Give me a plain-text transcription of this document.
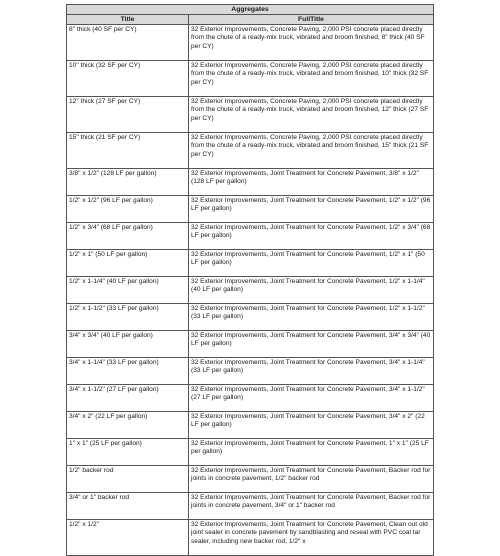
Aggregates	
Title	FullTitle
8" thick (40 SF per CY)	32 Exterior Improvements, Concrete Paving, 2,000 PSI concrete placed directly from the chute of a ready-mix truck, vibrated and broom finished, 8" thick (40 SF per CY)
10" thick (32 SF per CY)	32 Exterior Improvements, Concrete Paving, 2,000 PSI concrete placed directly from the chute of a ready-mix truck, vibrated and broom finished, 10" thick (32 SF per CY)
12" thick (27 SF per CY)	32 Exterior Improvements, Concrete Paving, 2,000 PSI concrete placed directly from the chute of a ready-mix truck, vibrated and broom finished, 12" thick (27 SF per CY)
15" thick (21 SF per CY)	32 Exterior Improvements, Concrete Paving, 2,000 PSI concrete placed directly from the chute of a ready-mix truck, vibrated and broom finished, 15" thick (21 SF per CY)
3/8" x 1/2" (128 LF per gallon)	32 Exterior Improvements, Joint Treatment for Concrete Pavement, 3/8" x 1/2" (128 LF per gallon)
1/2" x 1/2" (96 LF per gallon)	32 Exterior Improvements, Joint Treatment for Concrete Pavement, 1/2" x 1/2" (96 LF per gallon)
1/2" x 3/4" (68 LF per gallon)	32 Exterior Improvements, Joint Treatment for Concrete Pavement, 1/2" x 3/4" (68 LF per gallon)
1/2" x 1" (50 LF per gallon)	32 Exterior Improvements, Joint Treatment for Concrete Pavement, 1/2" x 1" (50 LF per gallon)
1/2" x 1-1/4" (40 LF per gallon)	32 Exterior Improvements, Joint Treatment for Concrete Pavement, 1/2" x 1-1/4" (40 LF per gallon)
1/2" x 1-1/2" (33 LF per gallon)	32 Exterior Improvements, Joint Treatment for Concrete Pavement, 1/2" x 1-1/2" (33 LF per gallon)
3/4" x 3/4" (40 LF per gallon)	32 Exterior Improvements, Joint Treatment for Concrete Pavement, 3/4" x 3/4" (40 LF per gallon)
3/4" x 1-1/4" (33 LF per gallon)	32 Exterior Improvements, Joint Treatment for Concrete Pavement, 3/4" x 1-1/4" (33 LF per gallon)
3/4" x 1-1/2" (27 LF per gallon)	32 Exterior Improvements, Joint Treatment for Concrete Pavement, 3/4" x 1-1/2" (27 LF per gallon)
3/4" x 2" (22 LF per gallon)	32 Exterior Improvements, Joint Treatment for Concrete Pavement, 3/4" x 2" (22 LF per gallon)
1" x 1" (25 LF per gallon)	32 Exterior Improvements, Joint Treatment for Concrete Pavement, 1" x 1" (25 LF per gallon)
1/2" backer rod	32 Exterior Improvements, Joint Treatment for Concrete Pavement, Backer rod for joints in concrete pavement, 1/2" backer rod
3/4" or 1" backer rod	32 Exterior Improvements, Joint Treatment for Concrete Pavement, Backer rod for joints in concrete pavement, 3/4" or 1" backer rod
1/2" x 1/2"	32 Exterior Improvements, Joint Treatment for Concrete Pavement, Clean out old joint sealer in concrete pavement by sandblasting and reseal with PVC coal tar sealer, including new backer rod, 1/2" x
